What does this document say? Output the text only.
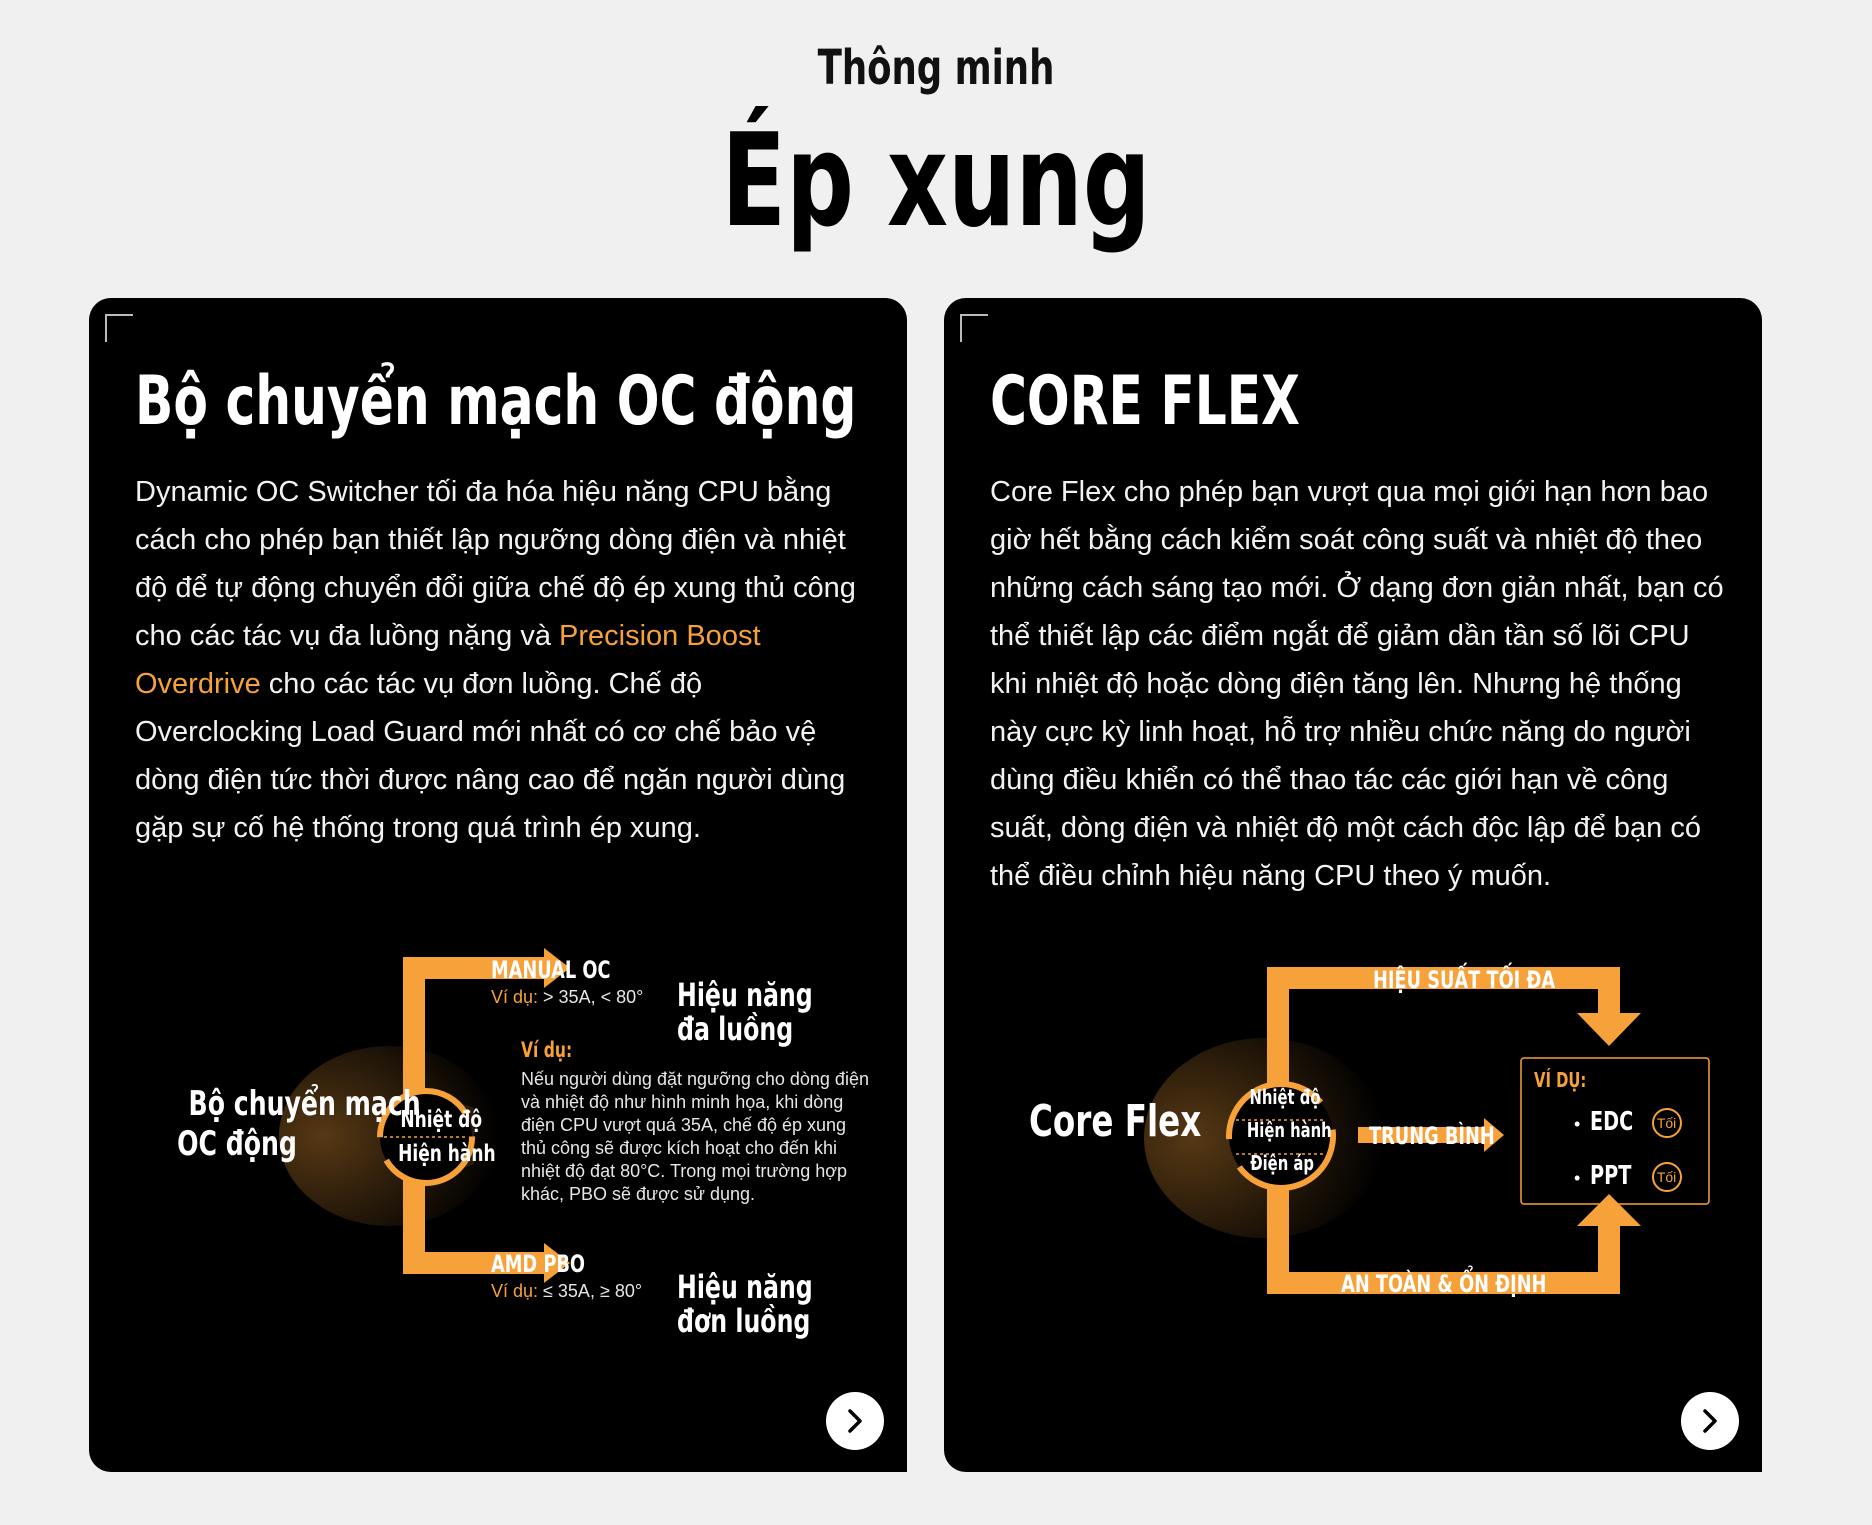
Thông minh
Ép xung
Bộ chuyển mạch OC động
Dynamic OC Switcher tối đa hóa hiệu năng CPU bằng cách cho phép bạn thiết lập ngưỡng dòng điện và nhiệt độ để tự động chuyển đổi giữa chế độ ép xung thủ công cho các tác vụ đa luồng nặng và Precision Boost Overdrive cho các tác vụ đơn luồng. Chế độ Overclocking Load Guard mới nhất có cơ chế bảo vệ dòng điện tức thời được nâng cao để ngăn người dùng gặp sự cố hệ thống trong quá trình ép xung.
Bộ chuyển mạch
OC động
Nhiệt độ
Hiện hành
MANUAL OC
Ví dụ: > 35A, < 80° Hiệu năng đa luồng
Ví dụ:
Nếu người dùng đặt ngưỡng cho dòng điện và nhiệt độ như hình minh họa, khi dòng điện CPU vượt quá 35A, chế độ ép xung thủ công sẽ được kích hoạt cho đến khi nhiệt độ đạt 80°C. Trong mọi trường hợp khác, PBO sẽ được sử dụng.
AMD PBO
Ví dụ: ≤ 35A, ≥ 80° Hiệu năng đơn luồng
CORE FLEX
Core Flex cho phép bạn vượt qua mọi giới hạn hơn bao giờ hết bằng cách kiểm soát công suất và nhiệt độ theo những cách sáng tạo mới. Ở dạng đơn giản nhất, bạn có thể thiết lập các điểm ngắt để giảm dần tần số lõi CPU khi nhiệt độ hoặc dòng điện tăng lên. Nhưng hệ thống này cực kỳ linh hoạt, hỗ trợ nhiều chức năng do người dùng điều khiển có thể thao tác các giới hạn về công suất, dòng điện và nhiệt độ một cách độc lập để bạn có thể điều chỉnh hiệu năng CPU theo ý muốn.
Core Flex	Nhiệt độ
Hiện hành
Điện áp
HIỆU SUẤT TỐI ĐA
TRUNG BÌNH
AN TOÀN & ỔN ĐỊNH
VÍ DỤ:
• EDC Tối
• PPT Tối
